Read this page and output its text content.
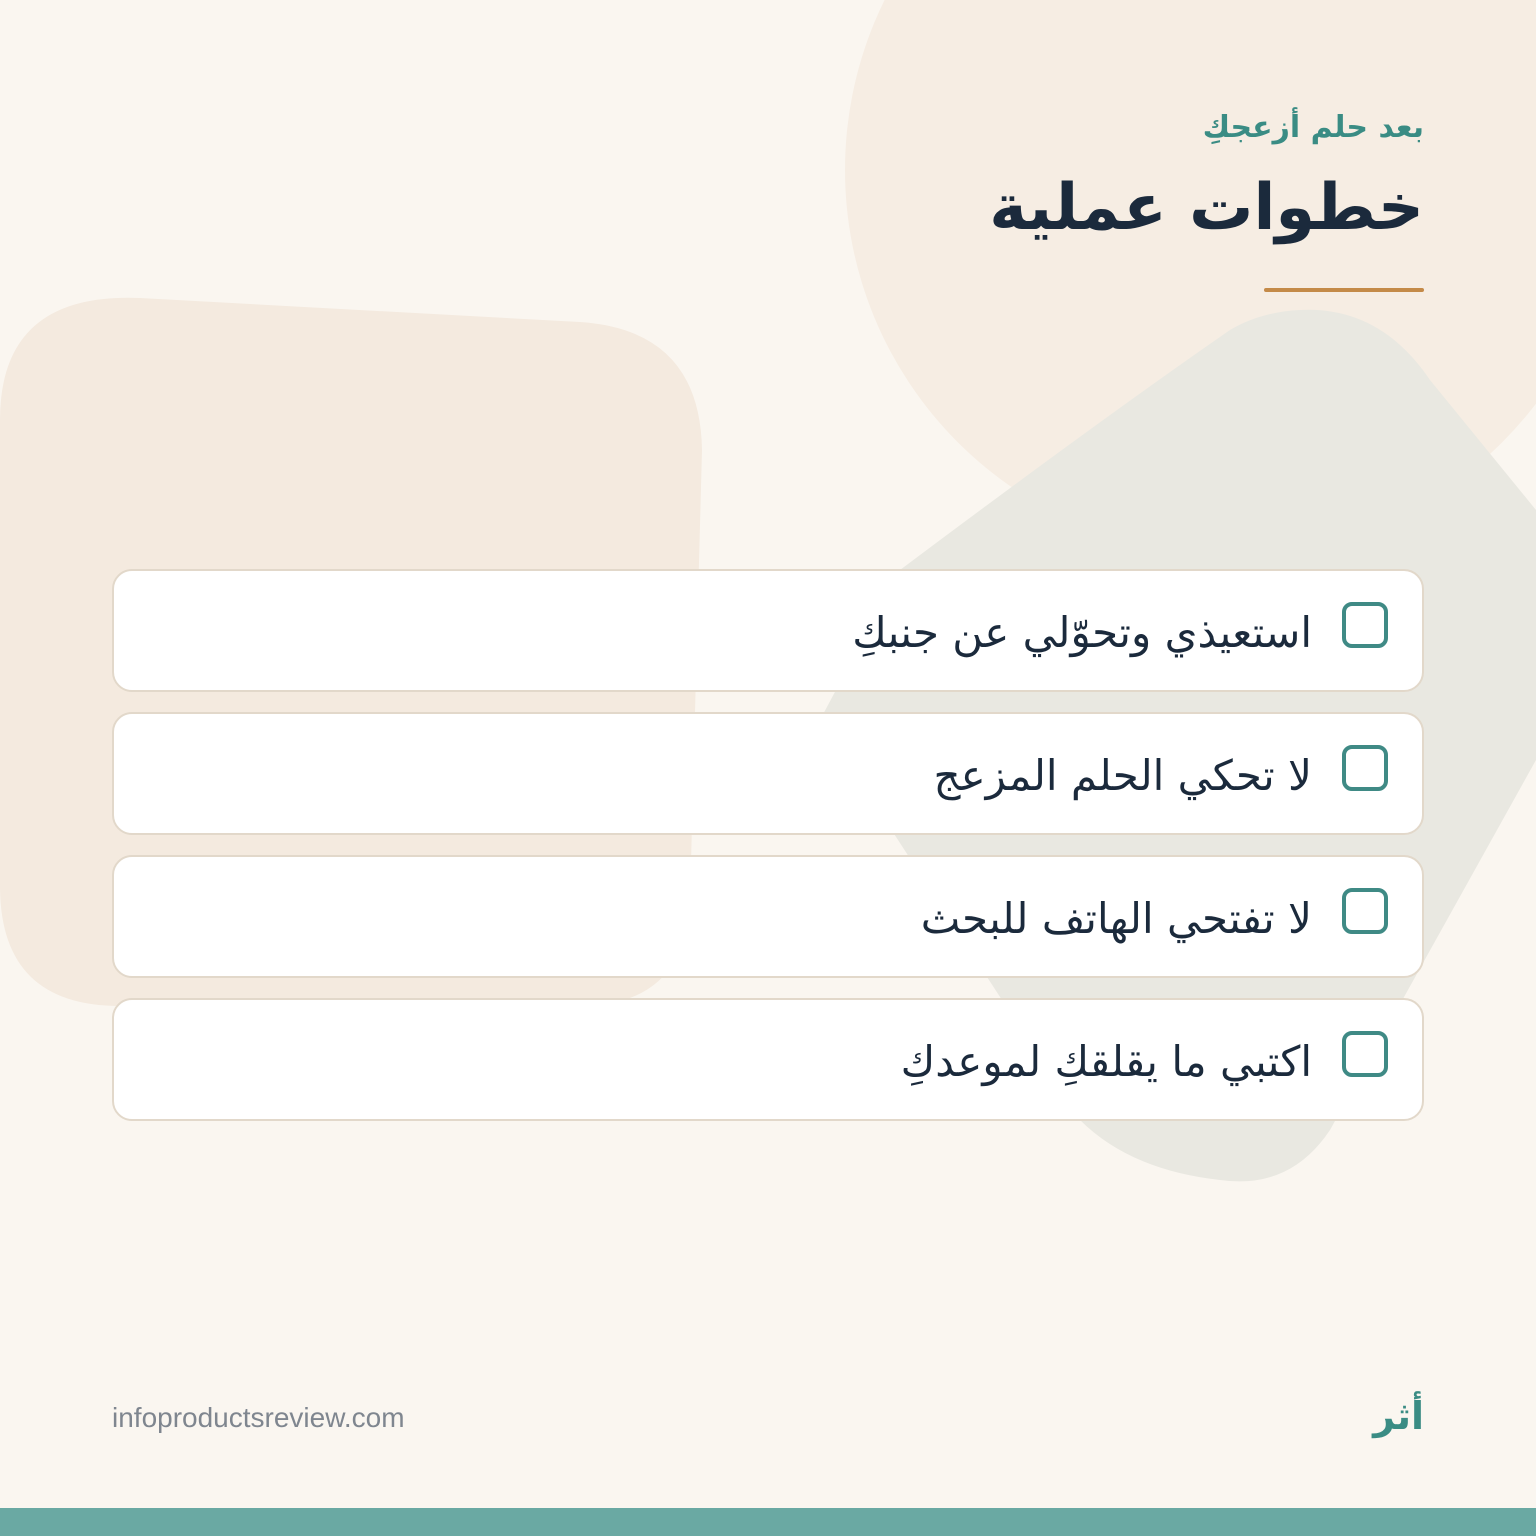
بعد حلم أزعجكِ
خطوات عملية
استعيذي وتحوّلي عن جنبكِ
لا تحكي الحلم المزعج
لا تفتحي الهاتف للبحث
اكتبي ما يقلقكِ لموعدكِ
infoproductsreview.com	أثر
